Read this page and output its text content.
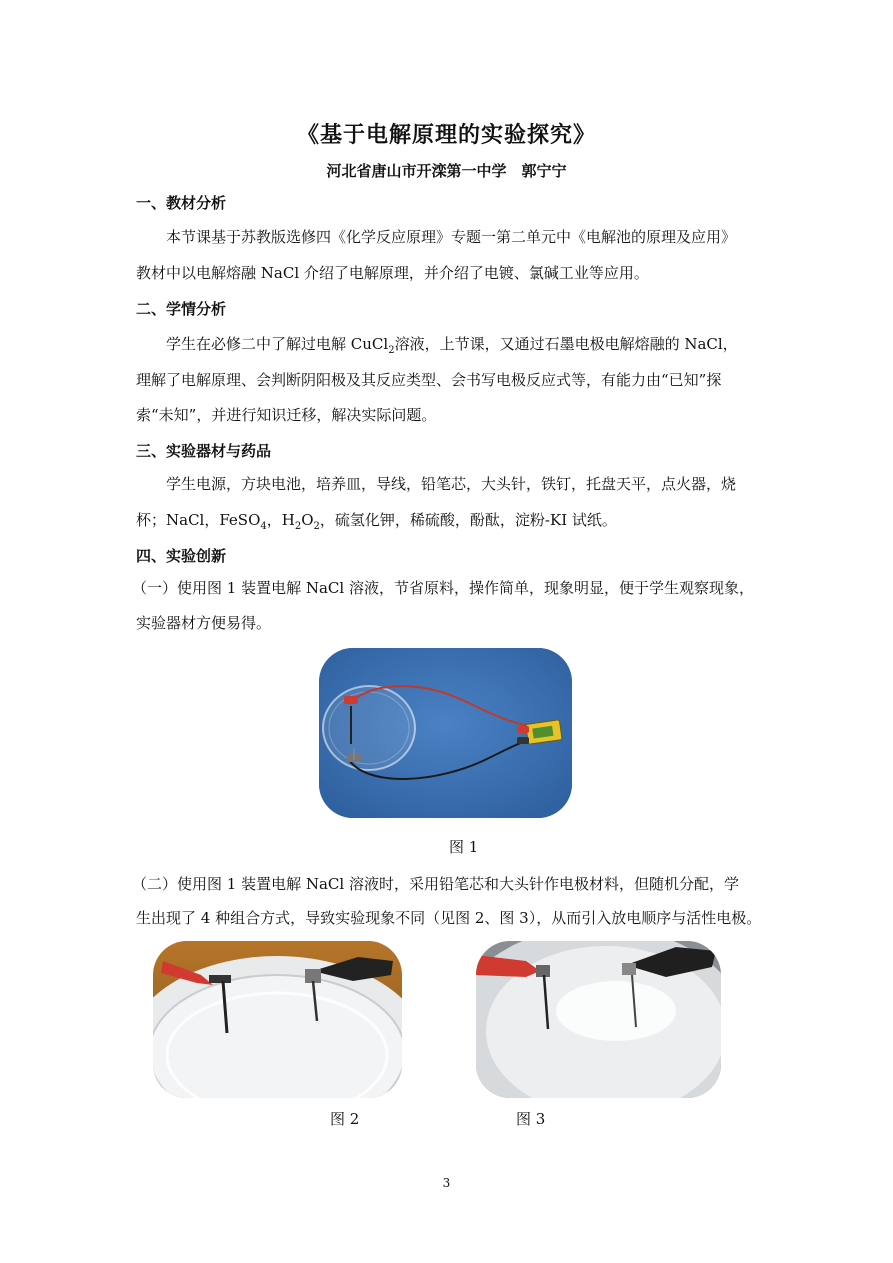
《基于电解原理的实验探究》
河北省唐山市开滦第一中学　郭宁宁
一、教材分析
本节课基于苏教版选修四《化学反应原理》专题一第二单元中《电解池的原理及应用》
教材中以电解熔融 NaCl 介绍了电解原理，并介绍了电镀、氯碱工业等应用。
二、学情分析
学生在必修二中了解过电解 CuCl$_2$溶液，上节课，又通过石墨电极电解熔融的 NaCl，
理解了电解原理、会判断阴阳极及其反应类型、会书写电极反应式等，有能力由“已知”探
索“未知”，并进行知识迁移，解决实际问题。
三、实验器材与药品
学生电源，方块电池，培养皿，导线，铅笔芯，大头针，铁钉，托盘天平，点火器，烧
杯；NaCl，FeSO$_4$，$H_2O_2$，硫氢化钾，稀硫酸，酚酞，淀粉-KI 试纸。
四、实验创新
（一）使用图 1 装置电解 NaCl 溶液，节省原料，操作简单，现象明显，便于学生观察现象，
实验器材方便易得。
图 1
（二）使用图 1 装置电解 NaCl 溶液时，采用铅笔芯和大头针作电极材料，但随机分配，学
生出现了 4 种组合方式，导致实验现象不同（见图 2、图 3），从而引入放电顺序与活性电极。
图 2	图 3
3
